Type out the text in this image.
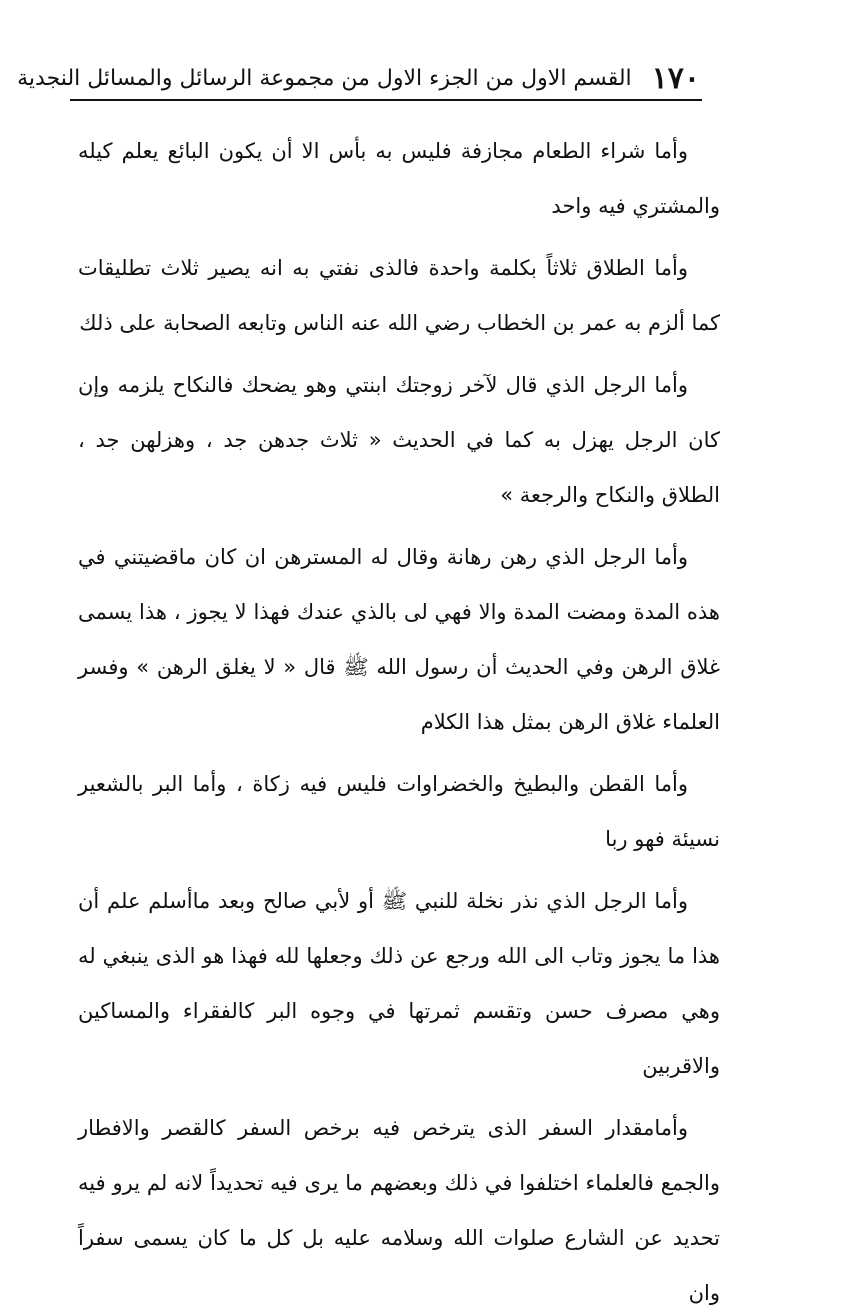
١٧٠
القسم الاول من الجزء الاول من مجموعة الرسائل والمسائل النجدية

وأما شراء الطعام مجازفة فليس به بأس الا أن يكون البائع يعلم كيله والمشتري فيه واحد

وأما الطلاق ثلاثاً بكلمة واحدة فالذى نفتي به انه يصير ثلاث تطليقات كما ألزم به عمر بن الخطاب رضي الله عنه الناس وتابعه الصحابة على ذلك

وأما الرجل الذي قال لآخر زوجتك ابنتي وهو يضحك فالنكاح يلزمه وإن كان الرجل يهزل به كما في الحديث « ثلاث جدهن جد ، وهزلهن جد ، الطلاق والنكاح والرجعة »

وأما الرجل الذي رهن رهانة وقال له المسترهن ان كان ماقضيتني في هذه المدة ومضت المدة والا فهي لى بالذي عندك فهذا لا يجوز ، هذا يسمى غلاق الرهن وفي الحديث أن رسول الله ﷺ قال « لا يغلق الرهن » وفسر العلماء غلاق الرهن بمثل هذا الكلام

وأما القطن والبطيخ والخضراوات فليس فيه زكاة ، وأما البر بالشعير نسيئة فهو ربا

وأما الرجل الذي نذر نخلة للنبي ﷺ أو لأبي صالح وبعد ماأسلم علم أن هذا ما يجوز وتاب الى الله ورجع عن ذلك وجعلها لله فهذا هو الذى ينبغي له وهي مصرف حسن وتقسم ثمرتها في وجوه البر كالفقراء والمساكين والاقربين

وأمامقدار السفر الذى يترخص فيه برخص السفر كالقصر والافطار والجمع فالعلماء اختلفوا في ذلك وبعضهم ما يرى فيه تحديداً لانه لم يرو فيه تحديد عن الشارع صلوات الله وسلامه عليه بل كل ما كان يسمى سفراً وان
